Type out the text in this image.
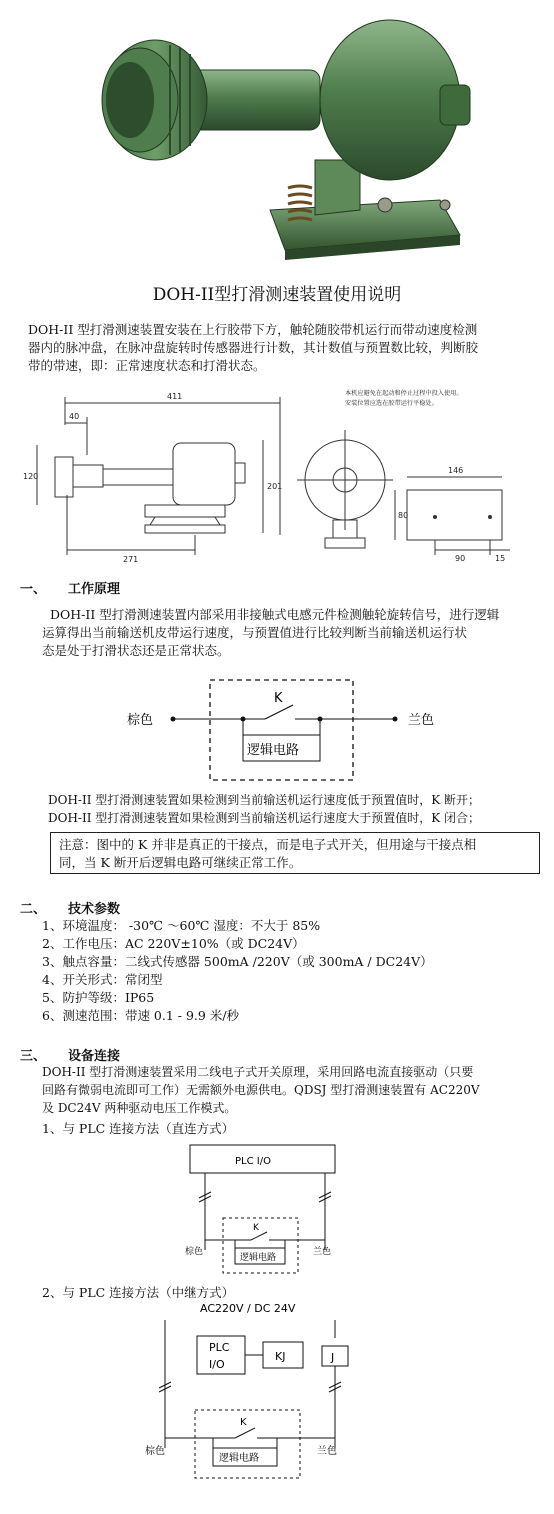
DOH-II型打滑测速装置使用说明
DOH-II 型打滑测速装置安装在上行胶带下方，触轮随胶带机运行而带动速度检测
器内的脉冲盘，在脉冲盘旋转时传感器进行计数，其计数值与预置数比较，判断胶
带的带速，即：正常速度状态和打滑状态。
411
40
120
201
271
146
80
90	15
本机应避免在起动和停止过程中投入使用。
安装位置应选在胶带运行平稳处。
一、 工作原理
DOH-II 型打滑测速装置内部采用非接触式电感元件检测触轮旋转信号，进行逻辑
运算得出当前输送机皮带运行速度，与预置值进行比较判断当前输送机运行状
态是处于打滑状态还是正常状态。
K
逻辑电路
棕色	兰色
DOH-II 型打滑测速装置如果检测到当前输送机运行速度低于预置值时，K 断开；
DOH-II 型打滑测速装置如果检测到当前输送机运行速度大于预置值时，K 闭合；
注意：图中的 K 并非是真正的干接点，而是电子式开关，但用途与干接点相
同，当 K 断开后逻辑电路可继续正常工作。
二、 技术参数
1、环境温度： -30℃ ～60℃ 湿度：不大于 85%
2、工作电压：AC 220V±10%（或 DC24V）
3、触点容量：二线式传感器 500mA /220V（或 300mA / DC24V）
4、开关形式：常闭型
5、防护等级：IP65
6、测速范围：带速 0.1 - 9.9 米/秒
三、 设备连接
DOH-II 型打滑测速装置采用二线电子式开关原理，采用回路电流直接驱动（只要
回路有微弱电流即可工作）无需额外电源供电。QDSJ 型打滑测速装置有 AC220V
及 DC24V 两种驱动电压工作模式。
1、与 PLC 连接方法（直连方式）
PLC I/O
K
逻辑电路
棕色	兰色
2、与 PLC 连接方法（中继方式）
AC220V / DC 24V
PLC
I/O
KJ	J
K
逻辑电路
棕色	兰色
